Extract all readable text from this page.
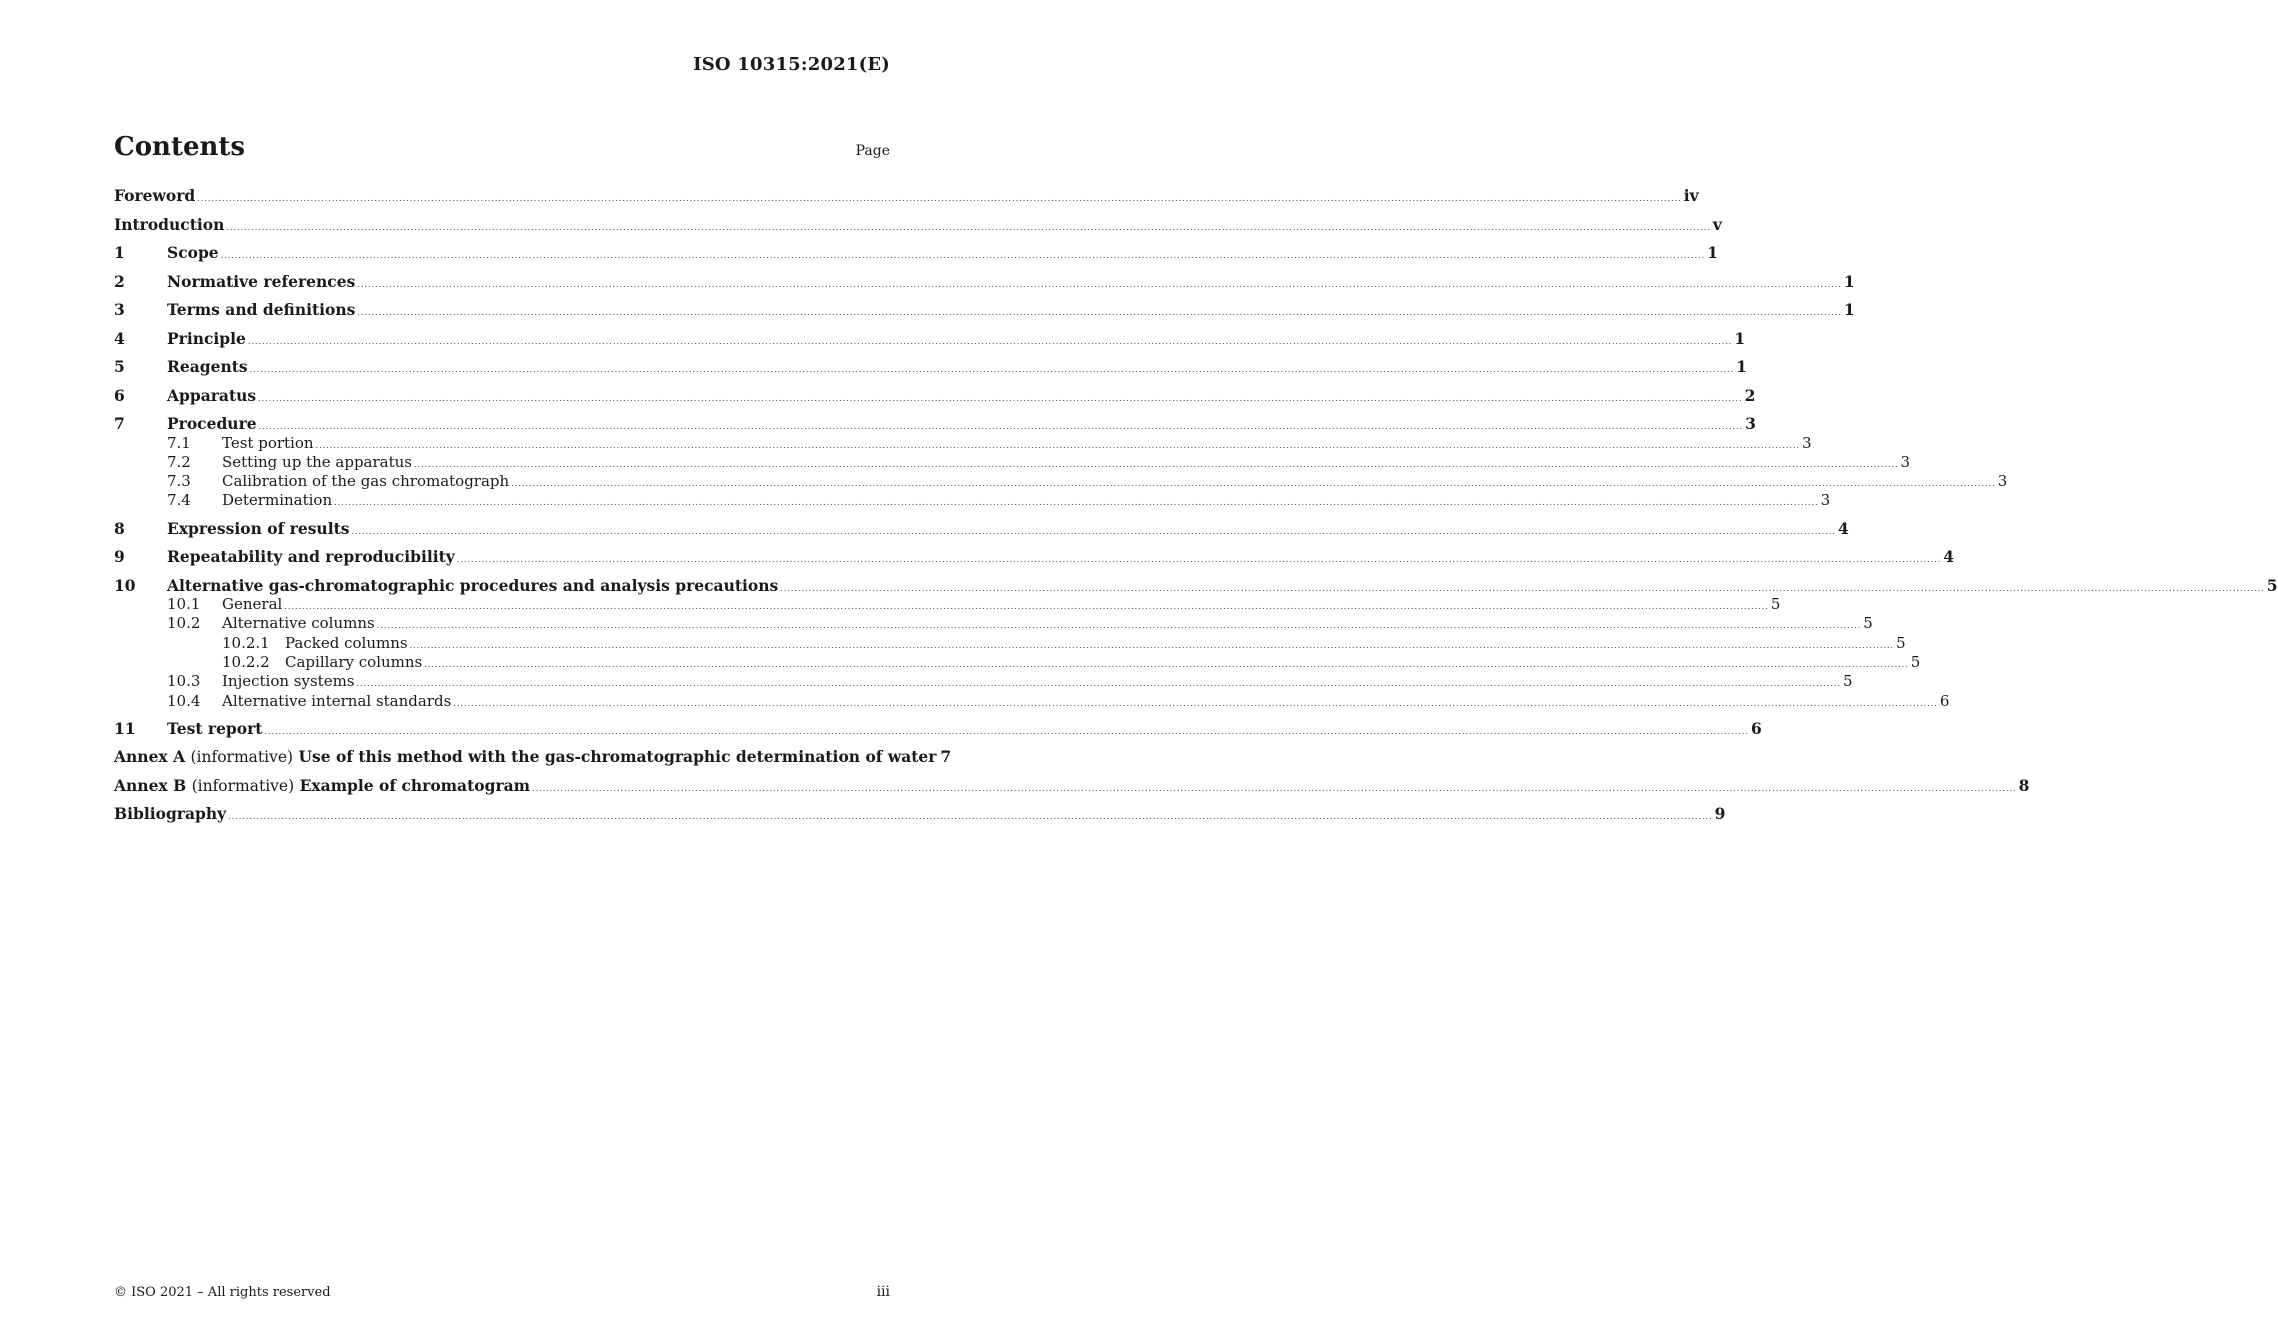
ISO 10315:2021(E)
Contents	Page
Foreword .....	iv
Introduction .....	v
1	Scope .....	1
2	Normative references .....	1
3	Terms and definitions .....	1
4	Principle .....	1
5	Reagents .....	1
6	Apparatus .....	2
7	Procedure .....	3
7.1	Test portion .....	3
7.2	Setting up the apparatus .....	3
7.3	Calibration of the gas chromatograph .....	3
7.4	Determination .....	3
8	Expression of results .....	4
9	Repeatability and reproducibility .....	4
10	Alternative gas-chromatographic procedures and analysis precautions .....	5
10.1	General .....	5
10.2	Alternative columns .....	5
10.2.1	Packed columns .....	5
10.2.2	Capillary columns .....	5
10.3	Injection systems .....	5
10.4	Alternative internal standards .....	6
11	Test report .....	6
Annex A (informative) Use of this method with the gas-chromatographic determination of water 7
Annex B (informative) Example of chromatogram .....	8
Bibliography .....	9
© ISO 2021 – All rights reserved	iii
